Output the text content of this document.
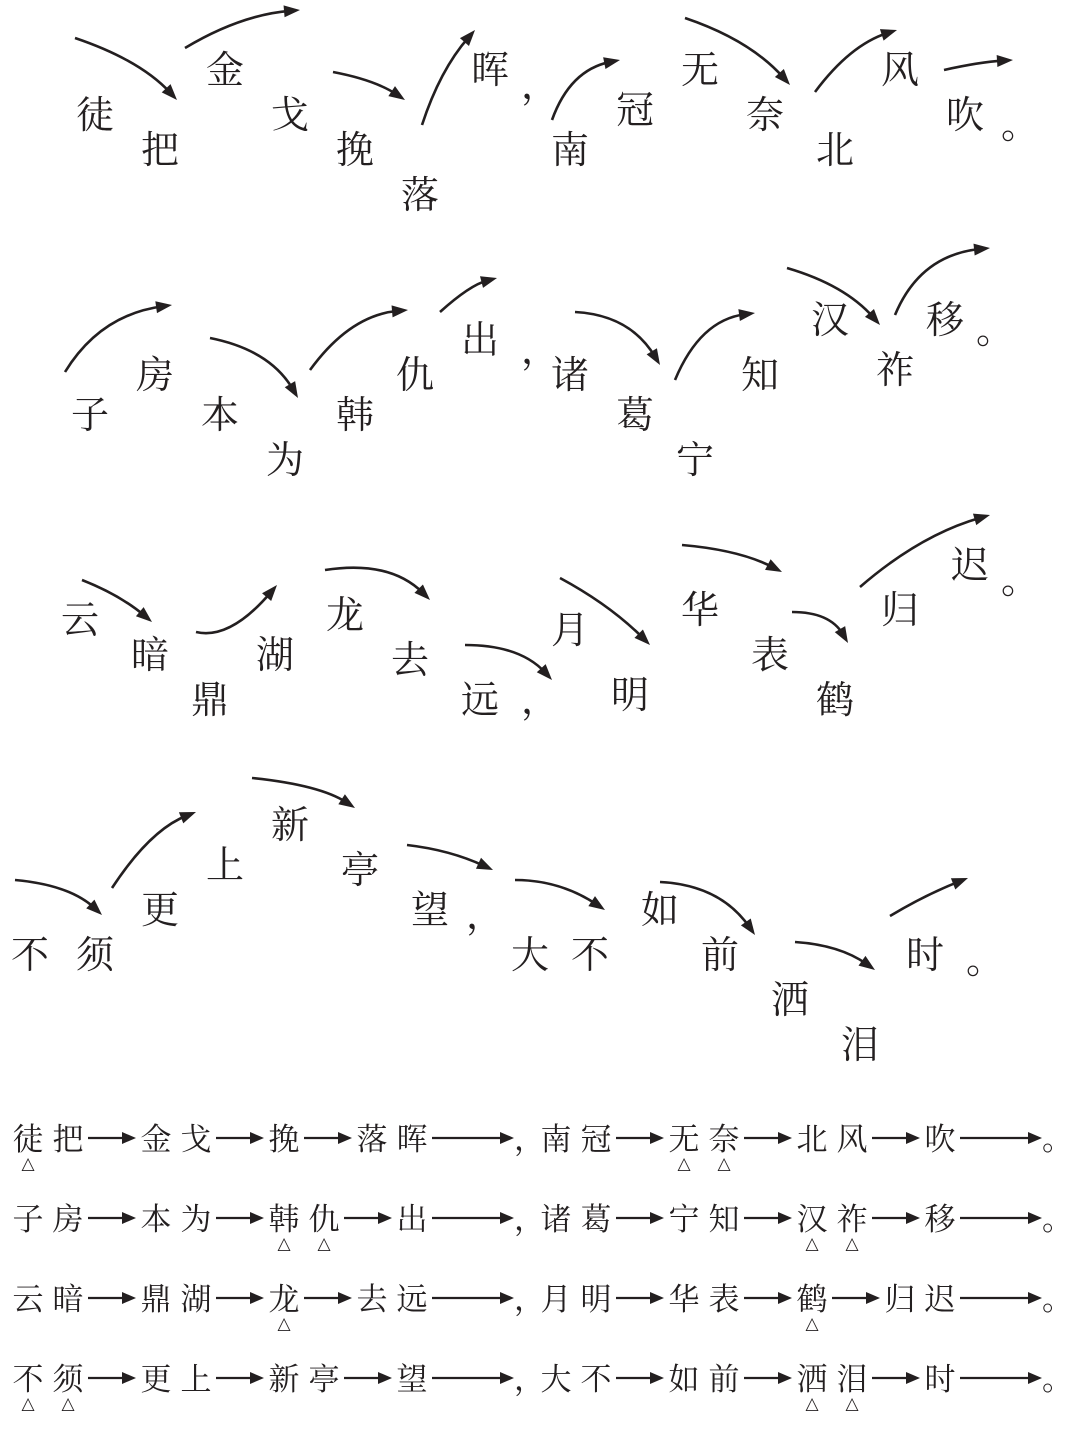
徒
把
金
戈
挽
落
晖 ，
南
冠
无
奈
北
风
吹 。
子
房
本
为
韩
仇
出 ，
诸
葛
宁
知
汉
祚
移 。
云
暗
鼎
湖
龙
去
远 ，
月
明
华
表
鹤
归
迟 。
不 须
更
上
新
亭
望 ，
大 不
如
前
洒
泪
时 。
徒
△
把 金 戈 挽 落 晖	，
南 冠 无
△
奈
△
北 风 吹	。
子 房 本 为 韩
△
仇
△
出	，
诸 葛 宁 知 汉
△
祚
△
移	。
云 暗 鼎 湖 龙
△
去 远	，
月 明 华 表 鹤
△
归 迟	。
不
△
须
△
更 上 新 亭 望	，
大 不 如 前 洒
△
泪
△
时	。
